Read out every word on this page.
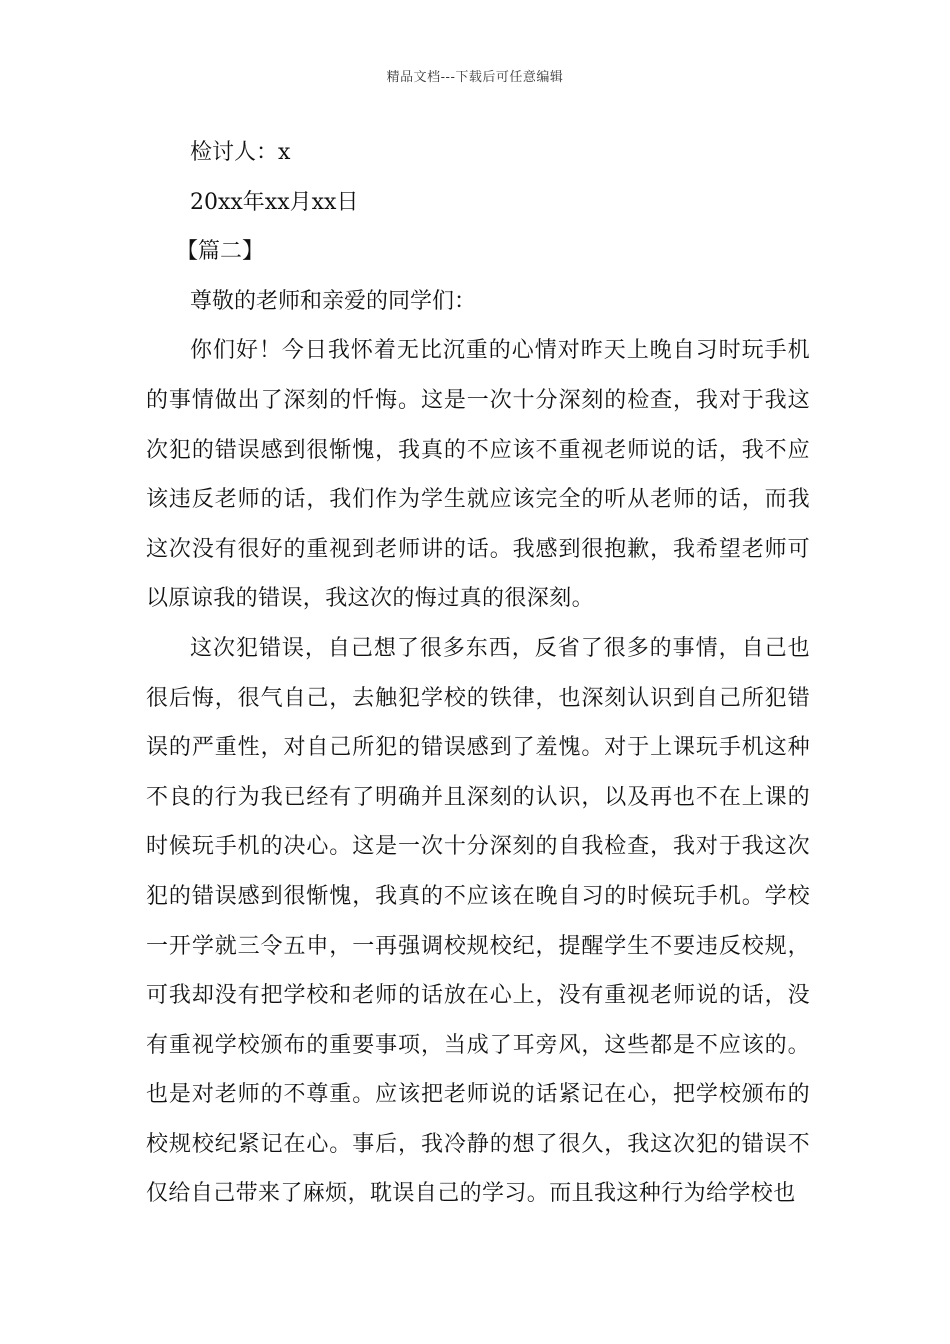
精品文档---下载后可任意编辑
检讨人：x
20xx年xx月xx日
【篇二】
尊敬的老师和亲爱的同学们：

你们好！今日我怀着无比沉重的心情对昨天上晚自习时玩手机的事情做出了深刻的忏悔。这是一次十分深刻的检查，我对于我这次犯的错误感到很惭愧，我真的不应该不重视老师说的话，我不应该违反老师的话，我们作为学生就应该完全的听从老师的话，而我这次没有很好的重视到老师讲的话。我感到很抱歉，我希望老师可以原谅我的错误，我这次的悔过真的很深刻。

这次犯错误，自己想了很多东西，反省了很多的事情，自己也很后悔，很气自己，去触犯学校的铁律，也深刻认识到自己所犯错误的严重性，对自己所犯的错误感到了羞愧。对于上课玩手机这种不良的行为我已经有了明确并且深刻的认识，以及再也不在上课的时候玩手机的决心。这是一次十分深刻的自我检查，我对于我这次犯的错误感到很惭愧，我真的不应该在晚自习的时候玩手机。学校一开学就三令五申，一再强调校规校纪，提醒学生不要违反校规，可我却没有把学校和老师的话放在心上，没有重视老师说的话，没有重视学校颁布的重要事项，当成了耳旁风，这些都是不应该的。也是对老师的不尊重。应该把老师说的话紧记在心，把学校颁布的校规校纪紧记在心。事后，我冷静的想了很久，我这次犯的错误不仅给自己带来了麻烦，耽误自己的学习。而且我这种行为给学校也
